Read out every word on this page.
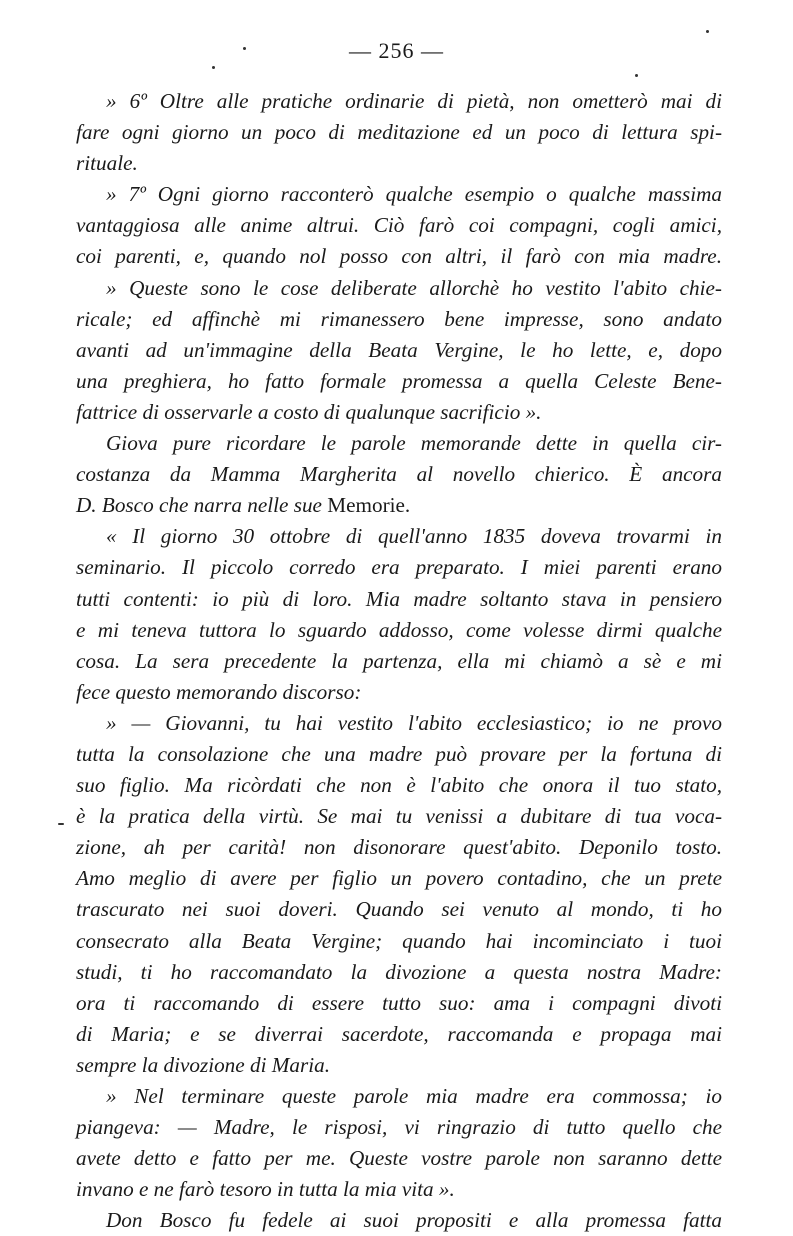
— 256 —
» 6º Oltre alle pratiche ordinarie di pietà, non ometterò mai di
fare ogni giorno un poco di meditazione ed un poco di lettura spi-
rituale.
» 7º Ogni giorno racconterò qualche esempio o qualche massima
vantaggiosa alle anime altrui. Ciò farò coi compagni, cogli amici,
coi parenti, e, quando nol posso con altri, il farò con mia madre.
» Queste sono le cose deliberate allorchè ho vestito l'abito chie-
ricale; ed affinchè mi rimanessero bene impresse, sono andato
avanti ad un'immagine della Beata Vergine, le ho lette, e, dopo
una preghiera, ho fatto formale promessa a quella Celeste Bene-
fattrice di osservarle a costo di qualunque sacrificio ».
Giova pure ricordare le parole memorande dette in quella cir-
costanza da Mamma Margherita al novello chierico. È ancora
D. Bosco che narra nelle sue Memorie.
« Il giorno 30 ottobre di quell'anno 1835 doveva trovarmi in
seminario. Il piccolo corredo era preparato. I miei parenti erano
tutti contenti: io più di loro. Mia madre soltanto stava in pensiero
e mi teneva tuttora lo sguardo addosso, come volesse dirmi qualche
cosa. La sera precedente la partenza, ella mi chiamò a sè e mi
fece questo memorando discorso:
» — Giovanni, tu hai vestito l'abito ecclesiastico; io ne provo
tutta la consolazione che una madre può provare per la fortuna di
suo figlio. Ma ricòrdati che non è l'abito che onora il tuo stato,
è la pratica della virtù. Se mai tu venissi a dubitare di tua voca-
zione, ah per carità! non disonorare quest'abito. Deponilo tosto.
Amo meglio di avere per figlio un povero contadino, che un prete
trascurato nei suoi doveri. Quando sei venuto al mondo, ti ho
consecrato alla Beata Vergine; quando hai incominciato i tuoi
studi, ti ho raccomandato la divozione a questa nostra Madre:
ora ti raccomando di essere tutto suo: ama i compagni divoti
di Maria; e se diverrai sacerdote, raccomanda e propaga mai
sempre la divozione di Maria.
» Nel terminare queste parole mia madre era commossa; io
piangeva: — Madre, le risposi, vi ringrazio di tutto quello che
avete detto e fatto per me. Queste vostre parole non saranno dette
invano e ne farò tesoro in tutta la mia vita ».
Don Bosco fu fedele ai suoi propositi e alla promessa fatta
